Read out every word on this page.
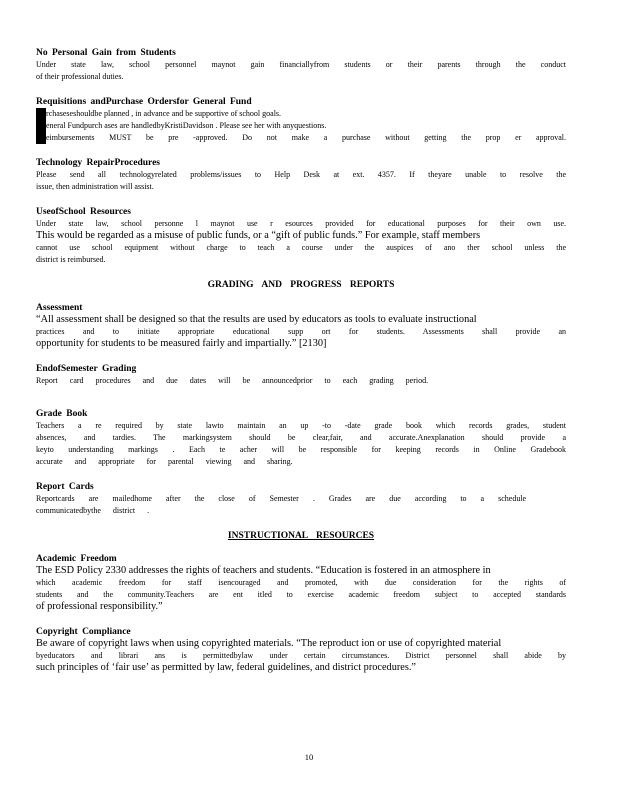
No Personal Gain from Students
Under state law, school personnel maynot gain financiallyfrom students or their parents through the conduct
of their professional duties.
Requisitions andPurchase Ordersfor General Fund
rchaseseshouldbe planned , in advance and be supportive of school goals.
eneral Fundpurch ases are handledbyKristiDavidson . Please see her with anyquestions.
eimbursements MUST be pre -approved. Do not make a purchase without getting the prop er approval.
Technology RepairProcedures
Please send all technologyrelated problems/issues to Help Desk at ext. 4357. If theyare unable to resolve the
issue, then administration will assist.
UseofSchool Resources
Under state law, school personne l maynot use r esources provided for educational purposes for their own use.
This would be regarded as a misuse of public funds, or a “gift of public funds.” For example, staff members
cannot use school equipment without charge to teach a course under the auspices of ano ther school unless the
district is reimbursed.
GRADING AND PROGRESS REPORTS
Assessment
“All assessment shall be designed so that the results are used by educators as tools to evaluate instructional
practices and to initiate appropriate educational supp ort for students. Assessments shall provide an
opportunity for students to be measured fairly and impartially.” [2130]
EndofSemester Grading
Report card procedures and due dates will be announcedprior to each grading period.
Grade Book
Teachers a re required by state lawto maintain an up -to -date grade book which records grades, student
absences, and tardies. The markingsystem should be clear,fair, and accurate.Anexplanation should provide a
keyto understanding markings . Each te acher will be responsible for keeping records in Online Gradebook
accurate and appropriate for parental viewing and sharing.
Report Cards
Reportcards are mailedhome after the close of Semester . Grades are due according to a schedule
communicatedbythe district .
INSTRUCTIONAL RESOURCES
Academic Freedom
The ESD Policy 2330 addresses the rights of teachers and students. “Education is fostered in an atmosphere in
which academic freedom for staff isencouraged and promoted, with due consideration for the rights of
students and the community.Teachers are ent itled to exercise academic freedom subject to accepted standards
of professional responsibility.”
Copyright Compliance
Be aware of copyright laws when using copyrighted materials. “The reproduct ion or use of copyrighted material
byeducators and librari ans is permittedbylaw under certain circumstances. District personnel shall abide by
such principles of ‘fair use’ as permitted by law, federal guidelines, and district procedures.”
10
